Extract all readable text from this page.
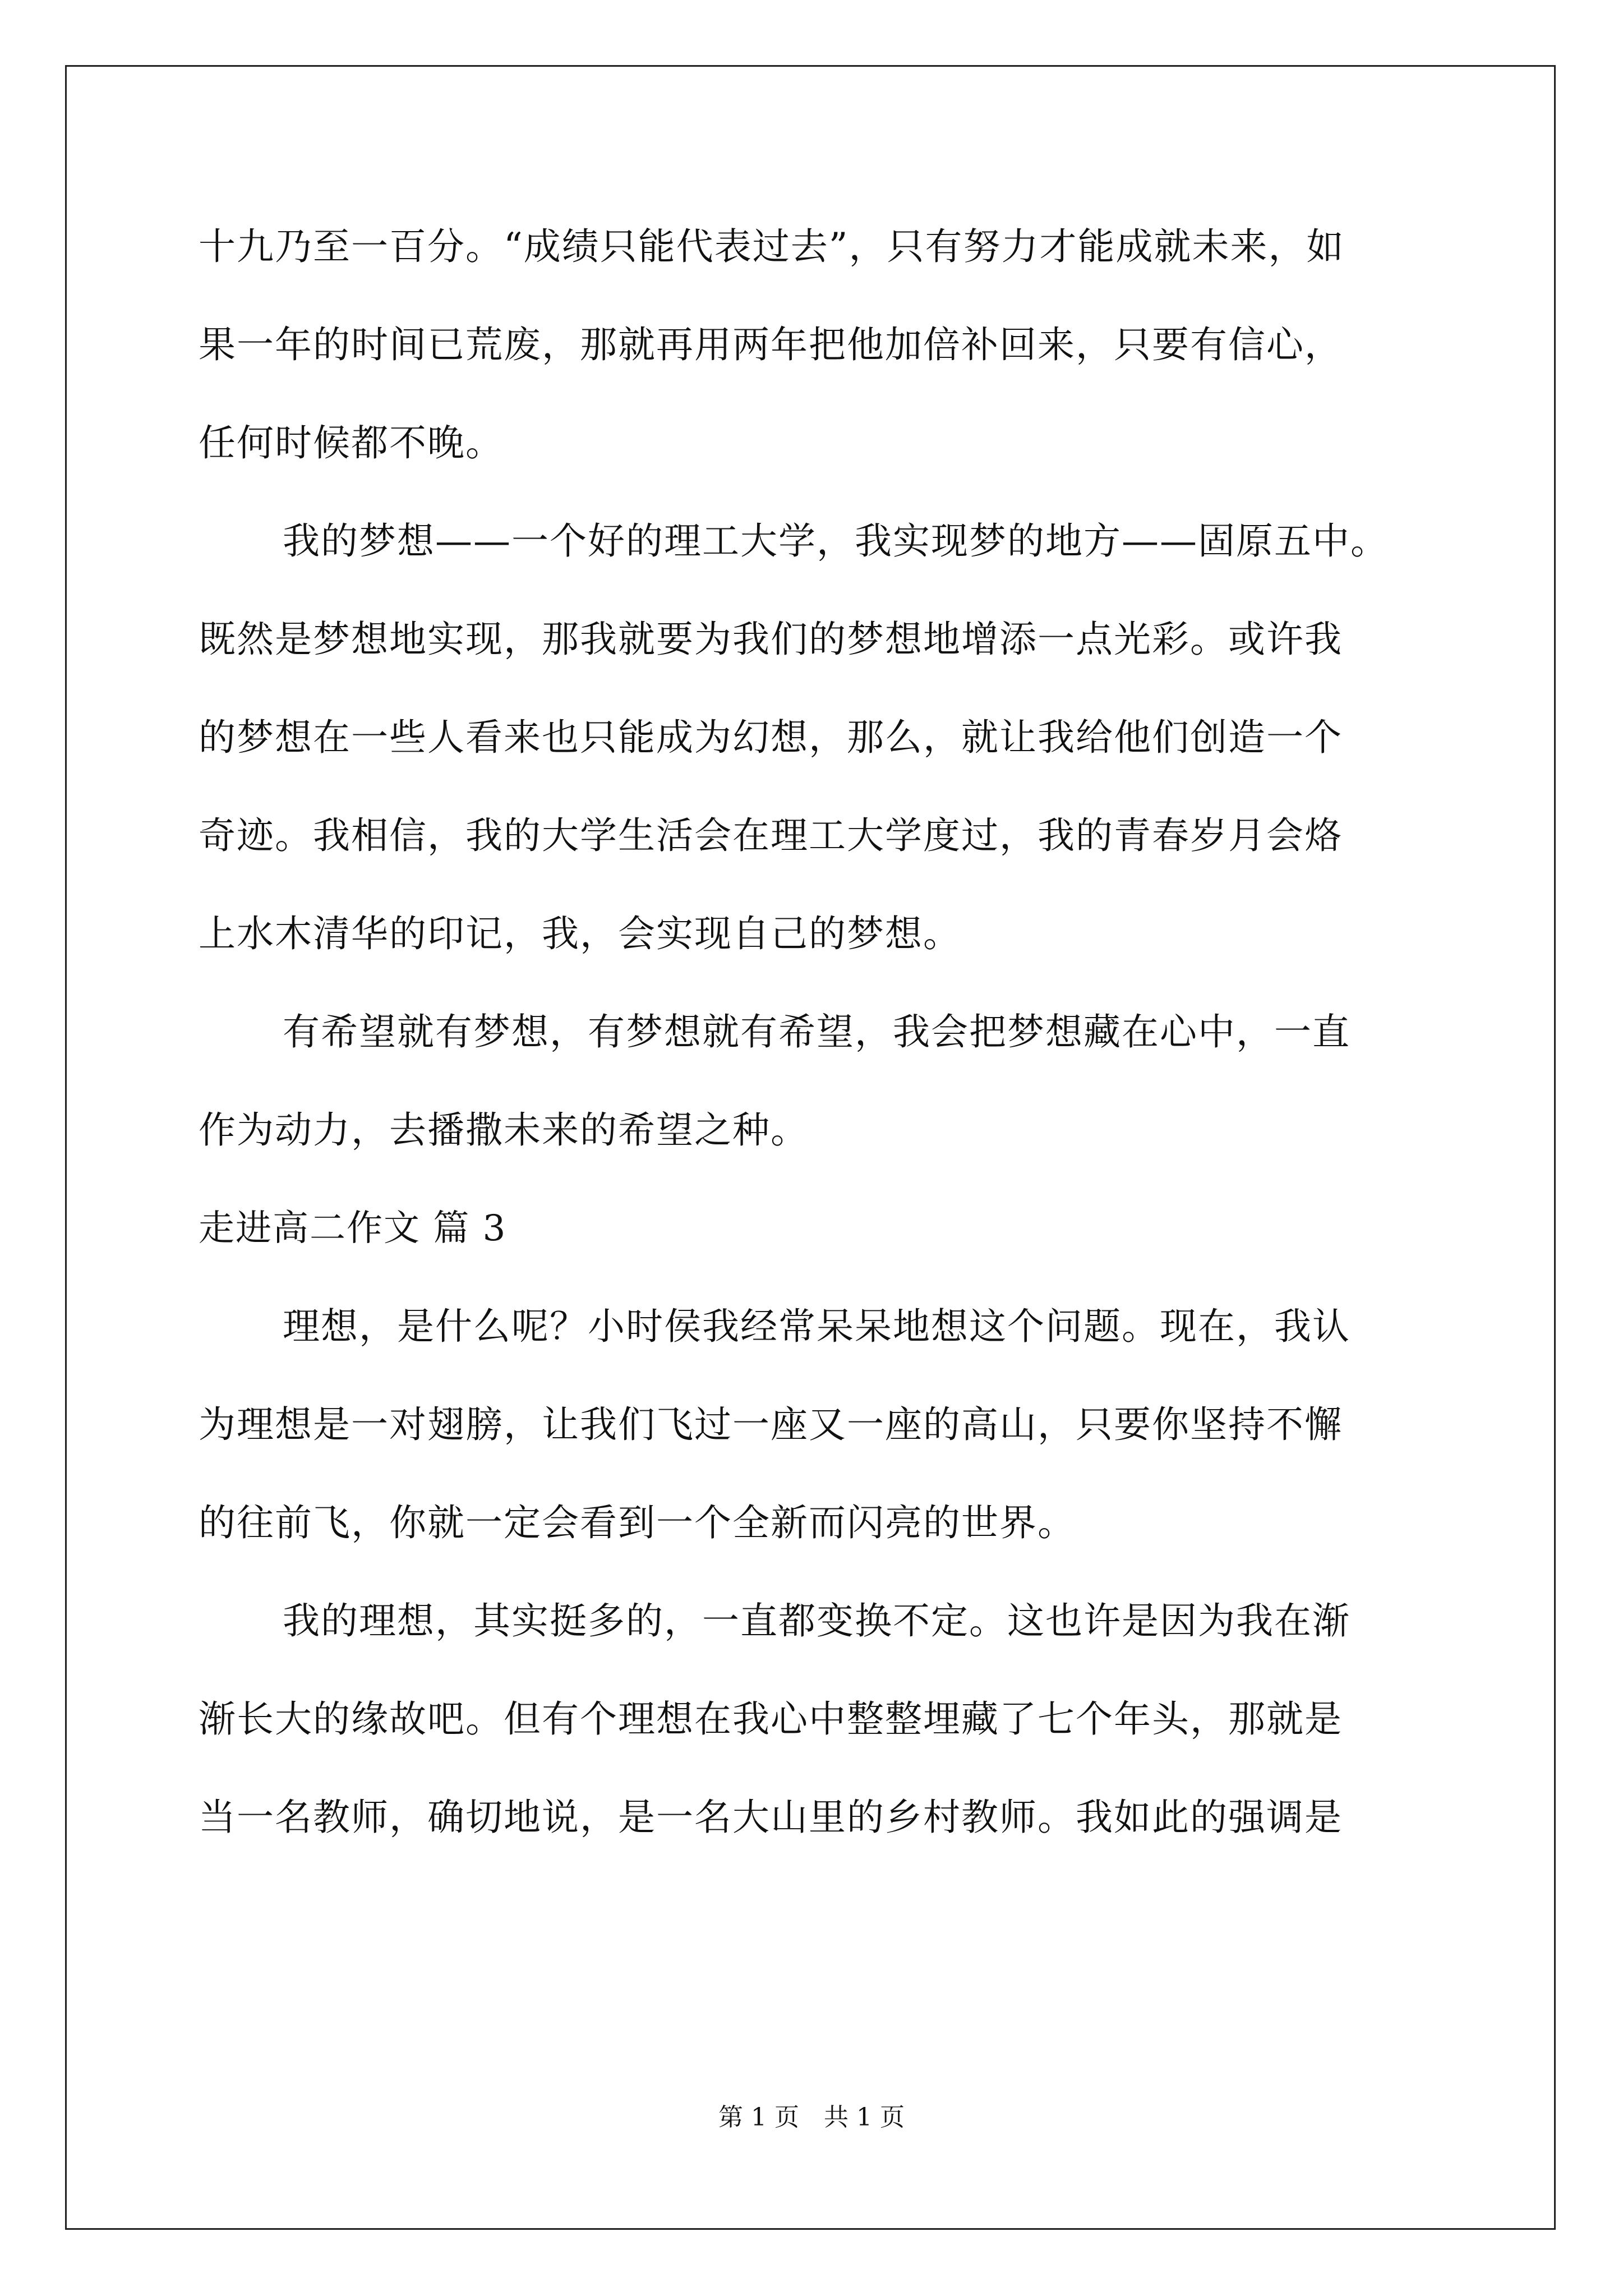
十九乃至一百分。“成绩只能代表过去”，只有努力才能成就未来，如
果一年的时间已荒废，那就再用两年把他加倍补回来，只要有信心，
任何时候都不晚。
我的梦想——一个好的理工大学，我实现梦的地方——固原五中。
既然是梦想地实现，那我就要为我们的梦想地增添一点光彩。或许我
的梦想在一些人看来也只能成为幻想，那么，就让我给他们创造一个
奇迹。我相信，我的大学生活会在理工大学度过，我的青春岁月会烙
上水木清华的印记，我，会实现自己的梦想。
有希望就有梦想，有梦想就有希望，我会把梦想藏在心中，一直
作为动力，去播撒未来的希望之种。
走进高二作文 篇 3
理想，是什么呢？小时侯我经常呆呆地想这个问题。现在，我认
为理想是一对翅膀，让我们飞过一座又一座的高山，只要你坚持不懈
的往前飞，你就一定会看到一个全新而闪亮的世界。
我的理想，其实挺多的，一直都变换不定。这也许是因为我在渐
渐长大的缘故吧。但有个理想在我心中整整埋藏了七个年头，那就是
当一名教师，确切地说，是一名大山里的乡村教师。我如此的强调是
第 1 页　共 1 页
